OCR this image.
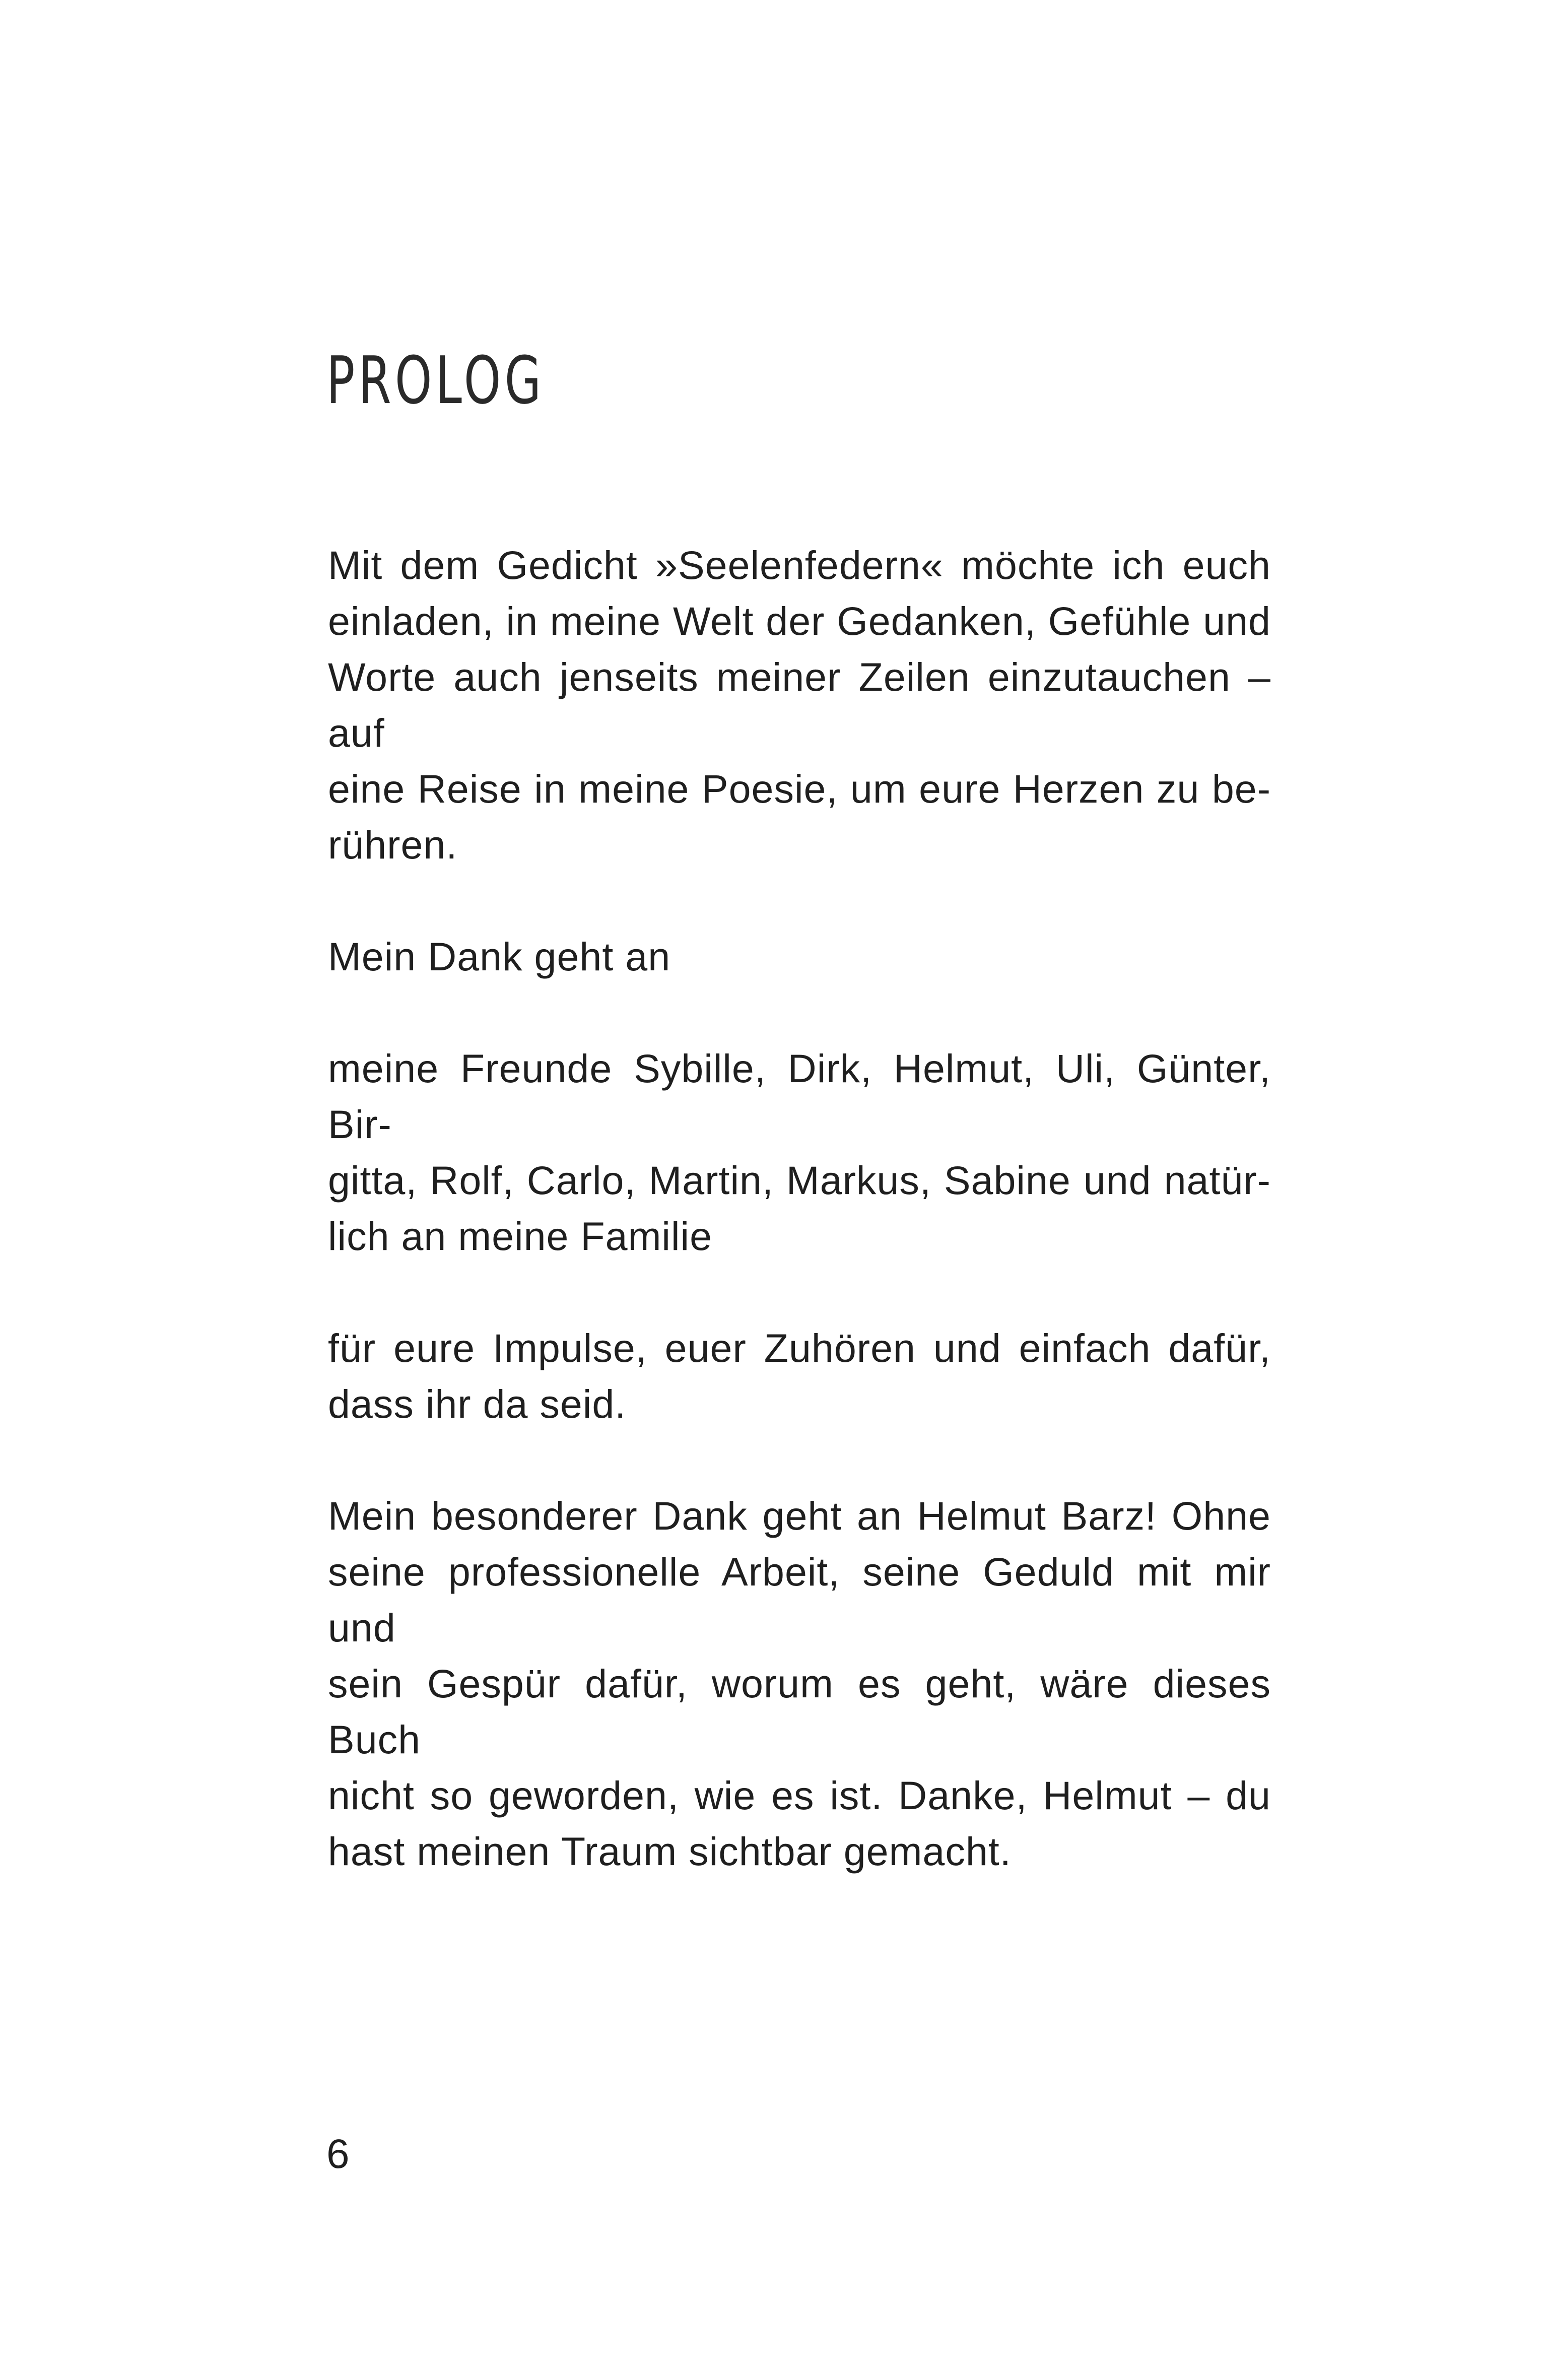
PROLOG

Mit dem Gedicht »Seelenfedern« möchte ich euch
einladen, in meine Welt der Gedanken, Gefühle und
Worte auch jenseits meiner Zeilen einzutauchen – auf
eine Reise in meine Poesie, um eure Herzen zu be-
rühren.

Mein Dank geht an

meine Freunde Sybille, Dirk, Helmut, Uli, Günter, Bir-
gitta, Rolf, Carlo, Martin, Markus, Sabine und natür-
lich an meine Familie

für eure Impulse, euer Zuhören und einfach dafür,
dass ihr da seid.

Mein besonderer Dank geht an Helmut Barz! Ohne
seine professionelle Arbeit, seine Geduld mit mir und
sein Gespür dafür, worum es geht, wäre dieses Buch
nicht so geworden, wie es ist. Danke, Helmut – du
hast meinen Traum sichtbar gemacht.

6
